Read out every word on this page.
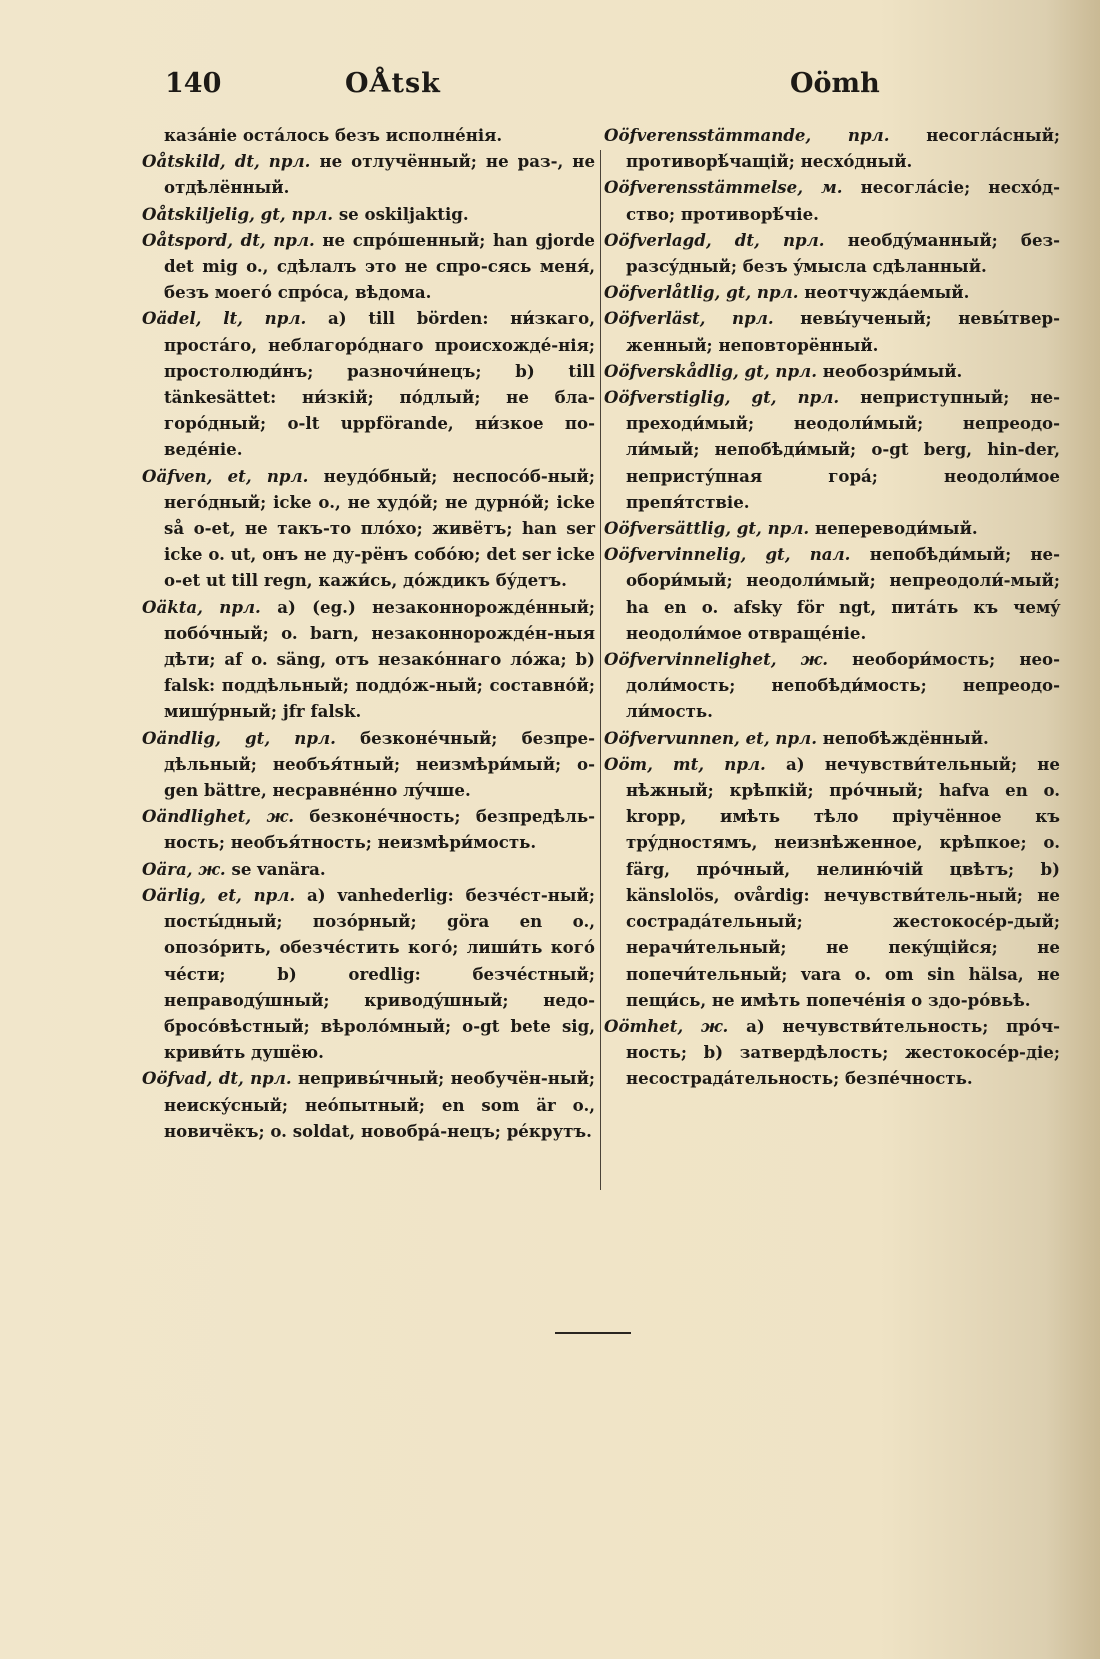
140	OÅtsk	Oömh
казáніе остáлось безъ исполнéнія.
Oåtskild, dt, прл. не отлучённый; не раз-, не отдѣлённый.
Oåtskiljelig, gt, прл. se oskiljaktig.
Oåtspord, dt, прл. не спрóшенный; han gjorde det mig o., сдѣлалъ это не спро-сясь меня́, безъ моегó спрóса, вѣдома.
Oädel, lt, прл. a) till börden: ни́зкаго, простáго, неблагорóднаго происхождé-нія; простолюди́нъ; разночи́нецъ; b) till tänkesättet: ни́зкій; пóдлый; не бла-горóдный; o-lt uppförande, ни́зкое по-ведéніе.
Oäfven, et, прл. неудóбный; неспосóб-ный; негóдный; icke o., не худóй; не дурнóй; icke så o-et, не такъ-то плóхо; живётъ; han ser icke o. ut, онъ не ду-рёнъ собóю; det ser icke o-et ut till regn, кажи́сь, дóждикъ бýдетъ.
Oäkta, прл. a) (eg.) незаконнорождéнный; побóчный; o. barn, незаконнорождéн-ныя дѣти; af o. säng, отъ незакóннаго лóжа; b) falsk: поддѣльный; поддóж-ный; составнóй; мишýрный; jfr falsk.
Oändlig, gt, прл. безконéчный; безпре-дѣльный; необъя́тный; неизмѣри́мый; o-gen bättre, несравнéнно лýчше.
Oändlighet, ж. безконéчность; безпредѣль-ность; необъя́тность; неизмѣри́мость.
Oära, ж. se vanära.
Oärlig, et, прл. a) vanhederlig: безчéст-ный; посты́дный; позóрный; göra en o., опозóрить, обезчéстить когó; лиши́ть когó чéсти; b) oredlig: безчéстный; неправодýшный; криводýшный; недо-бросóвѣстный; вѣролóмный; o-gt bete sig, криви́ть душёю.
Oöfvad, dt, прл. непривы́чный; необучён-ный; неискýсный; неóпытный; en som är o., новичёкъ; o. soldat, новобрá-нецъ; рéкрутъ.
Oöfverensstämmande, прл. несоглáсный; противорѣ́чащій; несхóдный.
Oöfverensstämmelse, м. несоглáсіе; несхóд-ство; противорѣ́чіе.
Oöfverlagd, dt, прл. необдýманный; без-разсýдный; безъ ýмысла сдѣланный.
Oöfverlåtlig, gt, прл. неотчуждáемый.
Oöfverläst, прл. невы́ученый; невы́твер-женный; неповторённый.
Oöfverskådlig, gt, прл. необозри́мый.
Oöfverstiglig, gt, прл. неприступный; не-преходи́мый; неодоли́мый; непреодо-ли́мый; непобѣди́мый; o-gt berg, hin-der, непристýпная горá; неодоли́мое препя́тствіе.
Oöfversättlig, gt, прл. непереводи́мый.
Oöfvervinnelig, gt, пал. непобѣди́мый; не-обори́мый; неодоли́мый; непреодоли́-мый; ha en o. afsky för ngt, питáть къ чемý неодоли́мое отвращéніе.
Oöfvervinnelighet, ж. необори́мость; нео-доли́мость; непобѣди́мость; непреодо-ли́мость.
Oöfvervunnen, et, прл. непобѣждённый.
Oöm, mt, прл. a) нечувстви́тельный; не нѣжный; крѣпкій; прóчный; hafva en o. kropp, имѣть тѣло пріучённое къ трýдностямъ, неизнѣженное, крѣпкое; o. färg, прóчный, нелиню́чій цвѣтъ; b) känslolös, ovårdig: нечувстви́тель-ный; не сострадáтельный; жестокосéр-дый; нерачи́тельный; не пекýщійся; не попечи́тельный; vara o. om sin hälsa, не пещи́сь, не имѣть попечéнія о здо-рóвьѣ.
Oömhet, ж. a) нечувстви́тельность; прóч-ность; b) затвердѣлость; жестокосéр-діе; несострадáтельность; безпéчность.
